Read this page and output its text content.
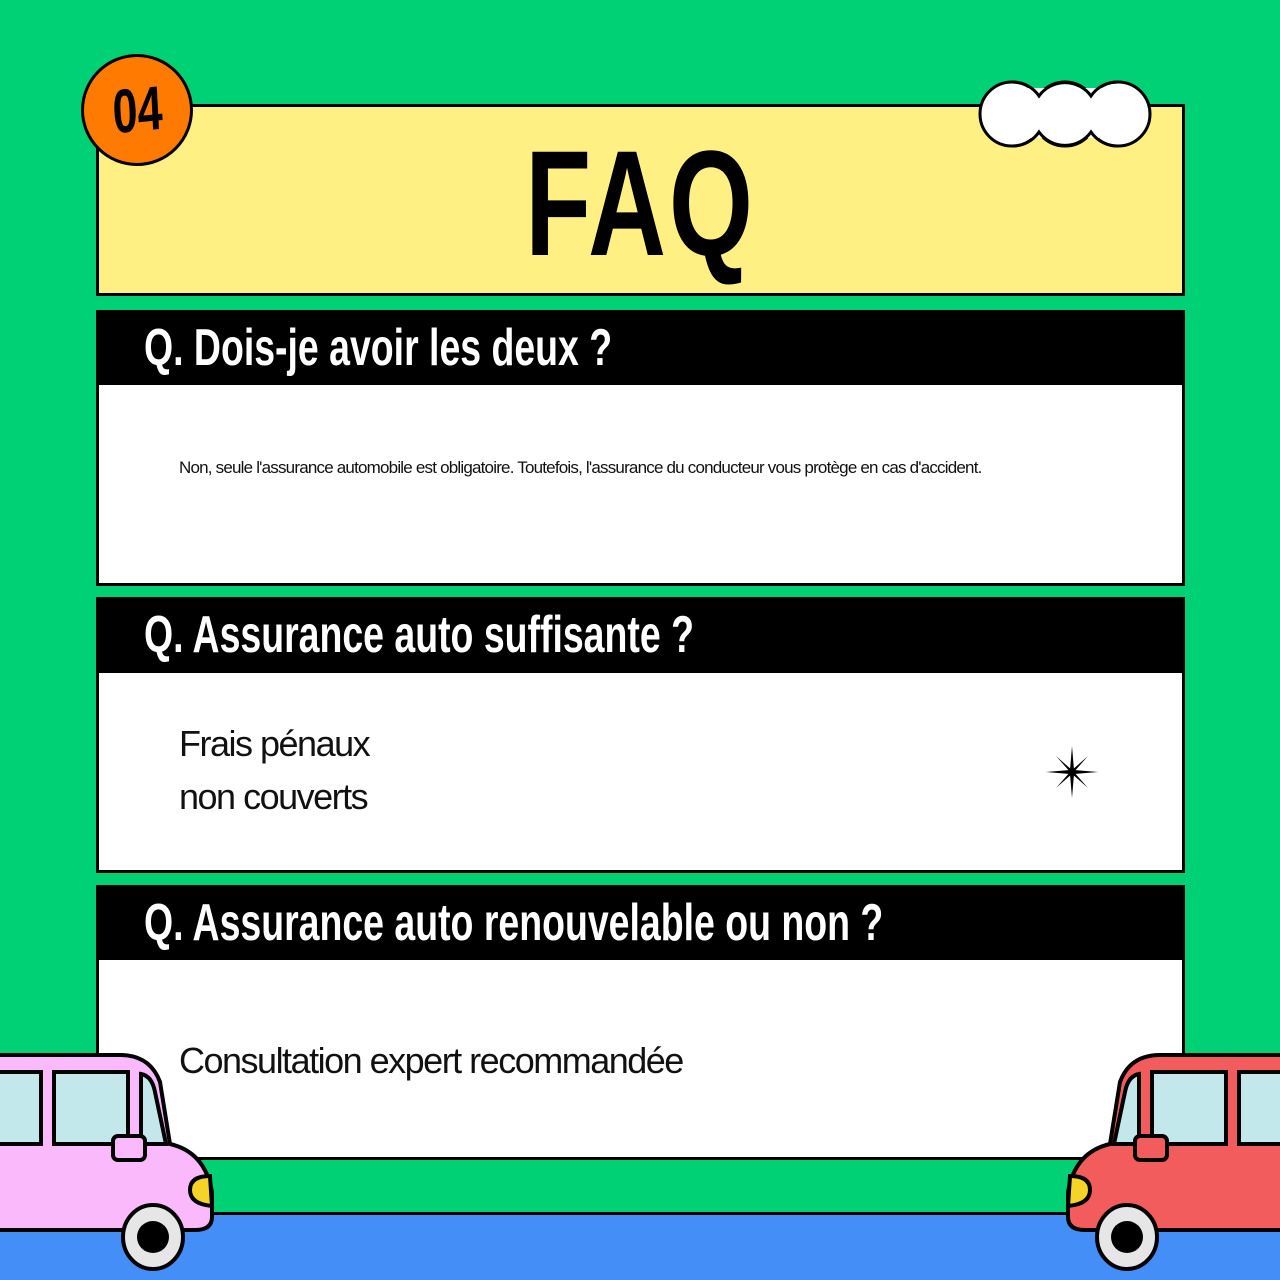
FAQ
04
Q. Dois-je avoir les deux ?
Non, seule l'assurance automobile est obligatoire. Toutefois, l'assurance du conducteur vous protège en cas d'accident.
Q. Assurance auto suffisante ?
Frais pénaux
non couverts
Q. Assurance auto renouvelable ou non ?
Consultation expert recommandée
